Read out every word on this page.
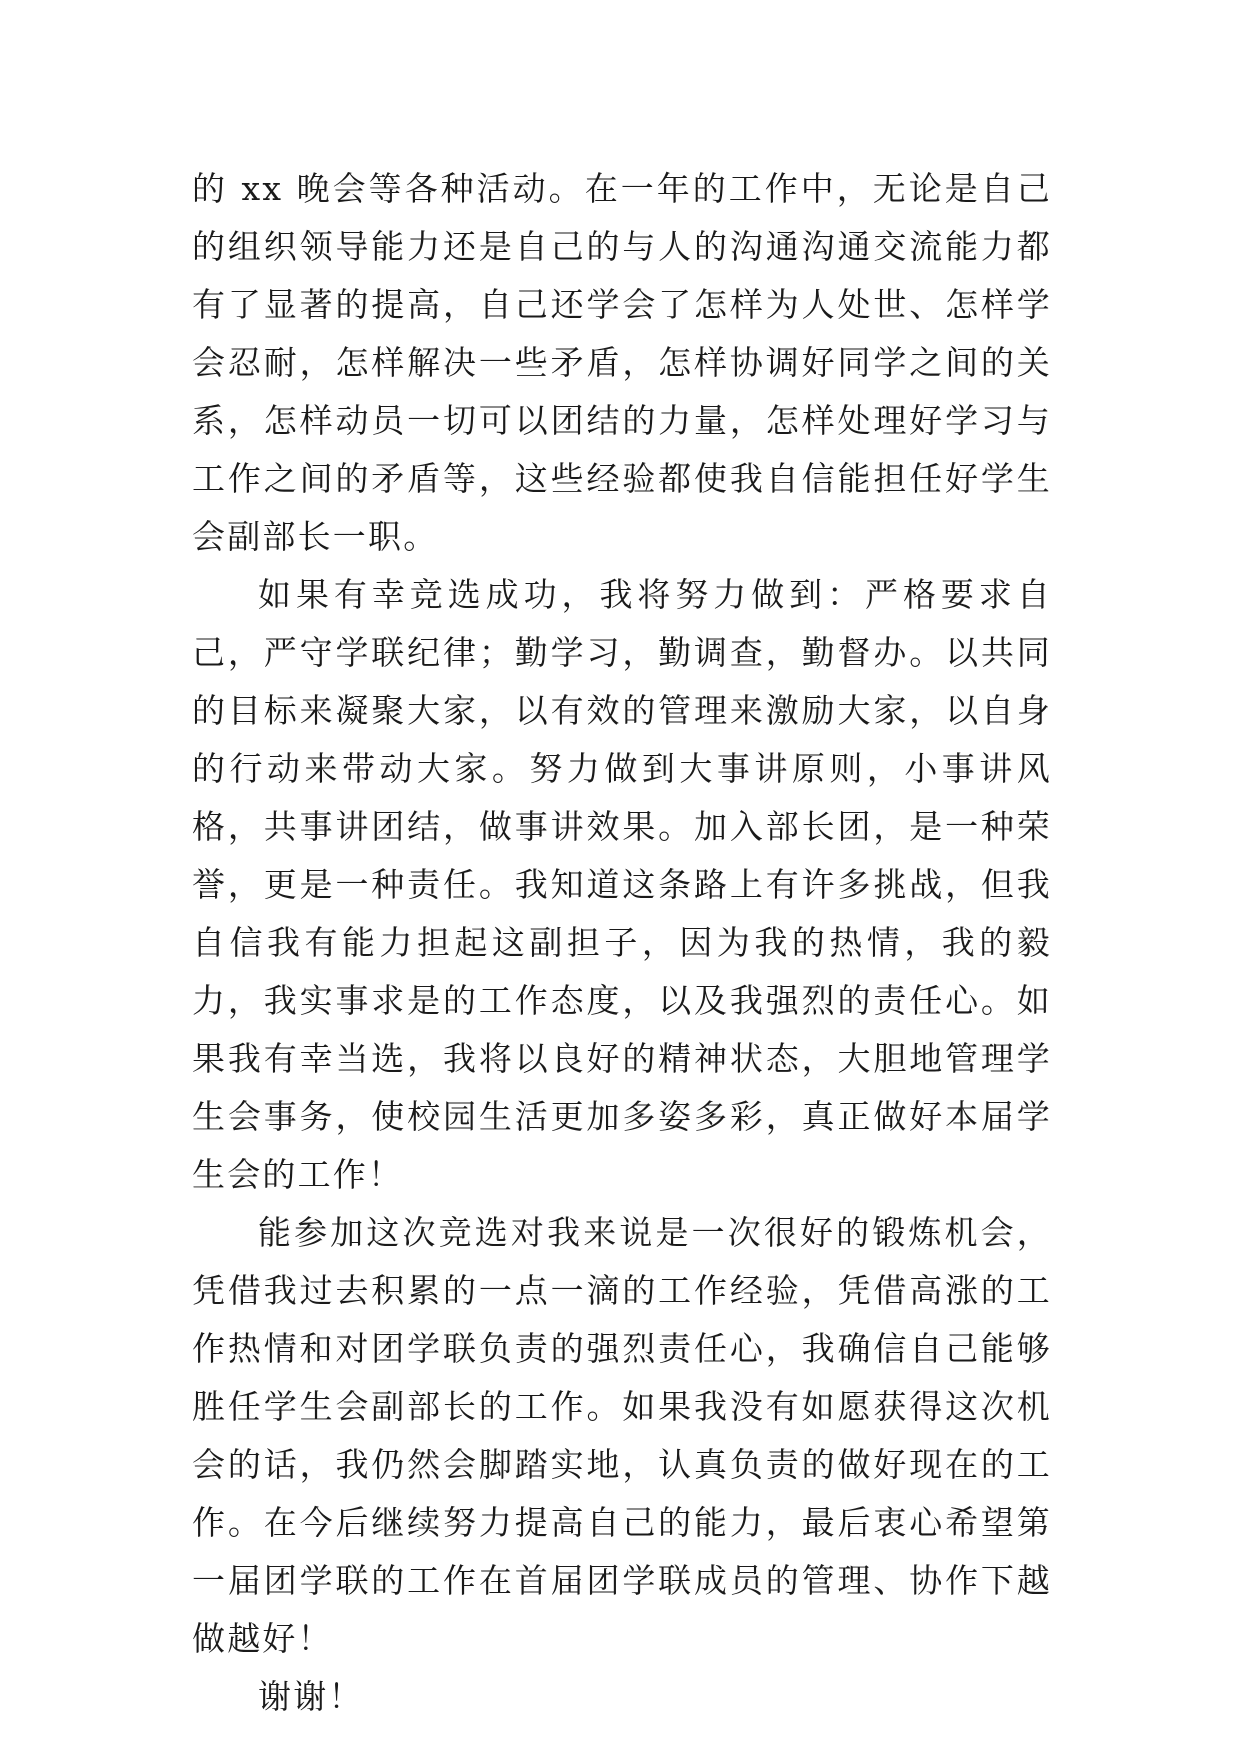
的 xx 晚会等各种活动。在一年的工作中，无论是自己的组织领导能力还是自己的与人的沟通沟通交流能力都有了显著的提高，自己还学会了怎样为人处世、怎样学会忍耐，怎样解决一些矛盾，怎样协调好同学之间的关系，怎样动员一切可以团结的力量，怎样处理好学习与工作之间的矛盾等，这些经验都使我自信能担任好学生会副部长一职。

如果有幸竞选成功，我将努力做到：严格要求自己，严守学联纪律；勤学习，勤调查，勤督办。以共同的目标来凝聚大家，以有效的管理来激励大家，以自身的行动来带动大家。努力做到大事讲原则，小事讲风格，共事讲团结，做事讲效果。加入部长团，是一种荣誉，更是一种责任。我知道这条路上有许多挑战，但我自信我有能力担起这副担子，因为我的热情，我的毅力，我实事求是的工作态度，以及我强烈的责任心。如果我有幸当选，我将以良好的精神状态，大胆地管理学生会事务，使校园生活更加多姿多彩，真正做好本届学生会的工作！

能参加这次竞选对我来说是一次很好的锻炼机会，凭借我过去积累的一点一滴的工作经验，凭借高涨的工作热情和对团学联负责的强烈责任心，我确信自己能够胜任学生会副部长的工作。如果我没有如愿获得这次机会的话，我仍然会脚踏实地，认真负责的做好现在的工作。在今后继续努力提高自己的能力，最后衷心希望第一届团学联的工作在首届团学联成员的管理、协作下越做越好！

谢谢！
